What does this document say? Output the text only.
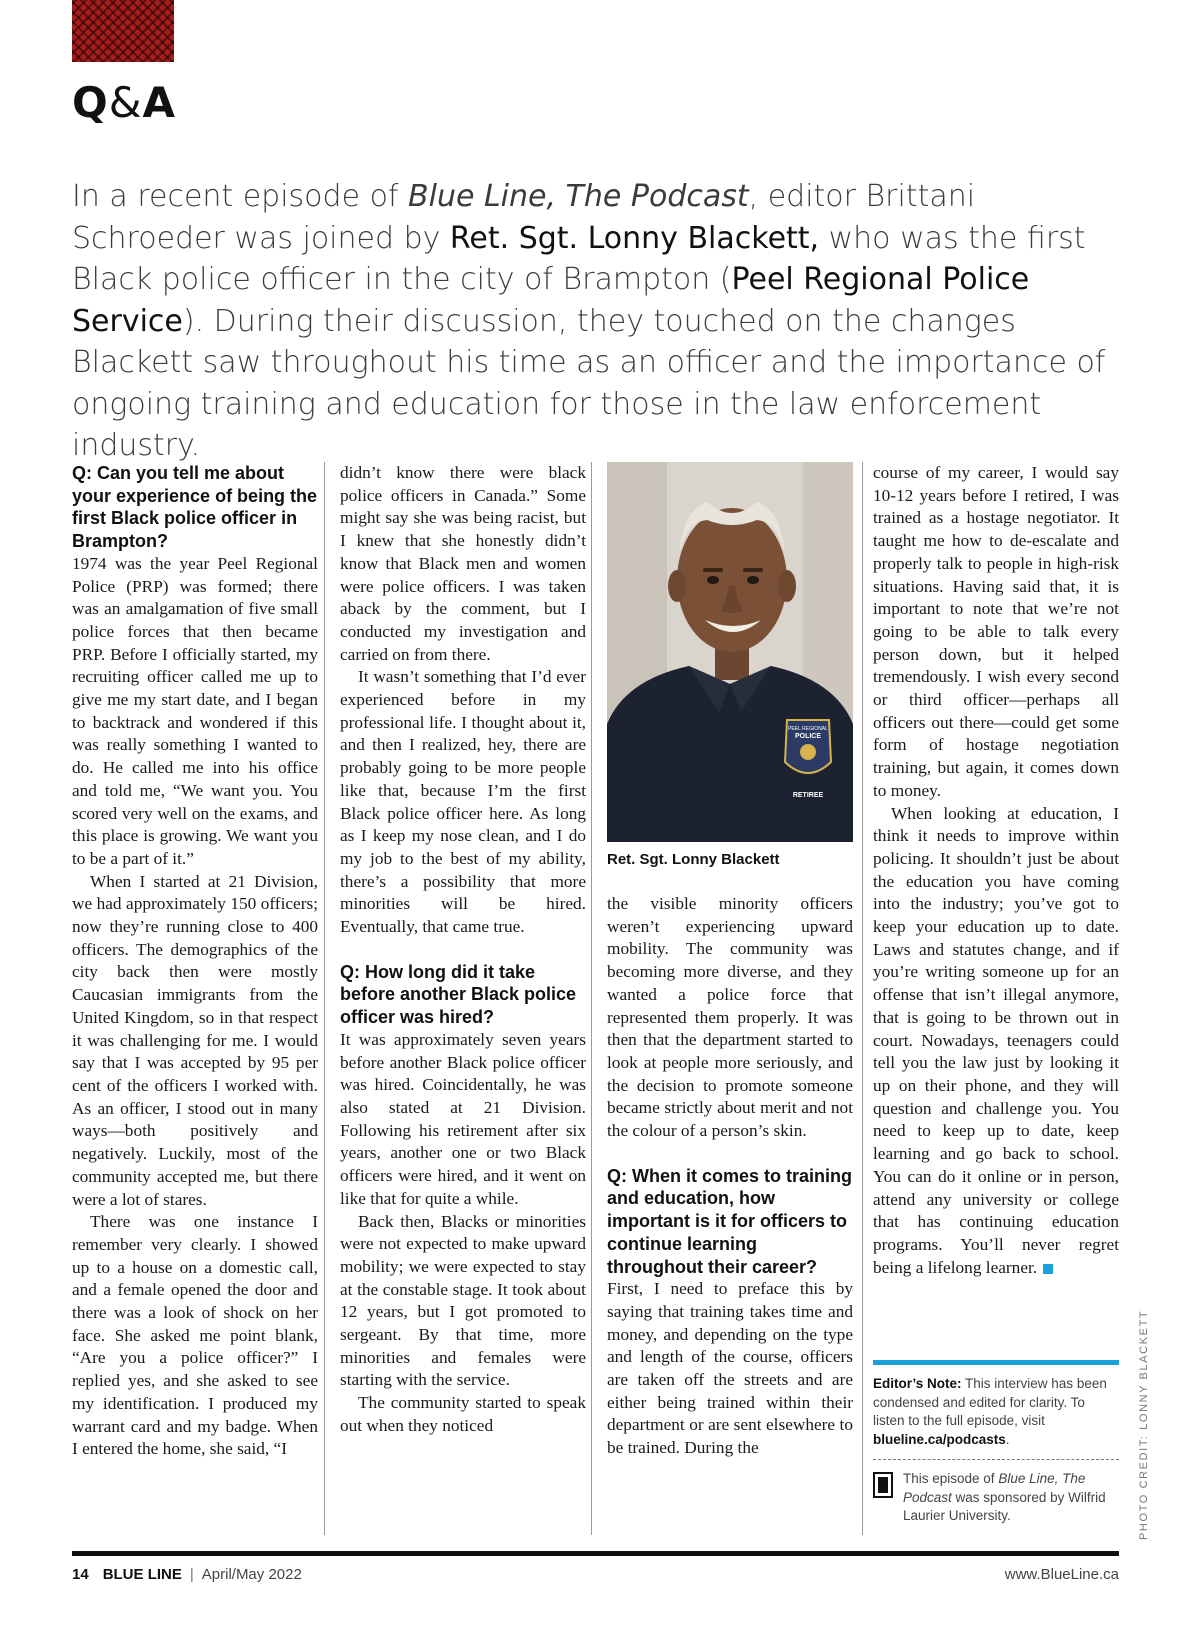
Q&A

In a recent episode of Blue Line, The Podcast, editor Brittani Schroeder was joined by Ret. Sgt. Lonny Blackett, who was the first Black police officer in the city of Brampton (Peel Regional Police Service). During their discussion, they touched on the changes Blackett saw throughout his time as an officer and the importance of ongoing training and education for those in the law enforcement industry.

Q: Can you tell me about your experience of being the first Black police officer in Brampton?

1974 was the year Peel Regional Police (PRP) was formed; there was an amalgamation of five small police forces that then became PRP. Before I officially started, my recruiting officer called me up to give me my start date, and I began to backtrack and wondered if this was really something I wanted to do. He called me into his office and told me, “We want you. You scored very well on the exams, and this place is growing. We want you to be a part of it.”

When I started at 21 Division, we had approximately 150 officers; now they’re running close to 400 officers. The demographics of the city back then were mostly Caucasian immigrants from the United Kingdom, so in that respect it was challenging for me. I would say that I was accepted by 95 per cent of the officers I worked with. As an officer, I stood out in many ways—both positively and negatively. Luckily, most of the community accepted me, but there were a lot of stares.

There was one instance I remember very clearly. I showed up to a house on a domestic call, and a female opened the door and there was a look of shock on her face. She asked me point blank, “Are you a police officer?” I replied yes, and she asked to see my identification. I produced my warrant card and my badge. When I entered the home, she said, “I

didn’t know there were black police officers in Canada.” Some might say she was being racist, but I knew that she honestly didn’t know that Black men and women were police officers. I was taken aback by the comment, but I conducted my investigation and carried on from there.

It wasn’t something that I’d ever experienced before in my professional life. I thought about it, and then I realized, hey, there are probably going to be more people like that, because I’m the first Black police officer here. As long as I keep my nose clean, and I do my job to the best of my ability, there’s a possibility that more minorities will be hired. Eventually, that came true.

Q: How long did it take before another Black police officer was hired?

It was approximately seven years before another Black police officer was hired. Coincidentally, he was also stated at 21 Division. Following his retirement after six years, another one or two Black officers were hired, and it went on like that for quite a while.

Back then, Blacks or minorities were not expected to make upward mobility; we were expected to stay at the constable stage. It took about 12 years, but I got promoted to sergeant. By that time, more minorities and females were starting with the service.

The community started to speak out when they noticed

PEEL REGIONAL
POLICE
RETIREE

Ret. Sgt. Lonny Blackett

the visible minority officers weren’t experiencing upward mobility. The community was becoming more diverse, and they wanted a police force that represented them properly. It was then that the department started to look at people more seriously, and the decision to promote someone became strictly about merit and not the colour of a person’s skin.

Q: When it comes to training and education, how important is it for officers to continue learning throughout their career?

First, I need to preface this by saying that training takes time and money, and depending on the type and length of the course, officers are taken off the streets and are either being trained within their department or are sent elsewhere to be trained. During the

course of my career, I would say 10-12 years before I retired, I was trained as a hostage negotiator. It taught me how to de-escalate and properly talk to people in high-risk situations. Having said that, it is important to note that we’re not going to be able to talk every person down, but it helped tremendously. I wish every second or third officer—perhaps all officers out there—could get some form of hostage negotiation training, but again, it comes down to money.

When looking at education, I think it needs to improve within policing. It shouldn’t just be about the education you have coming into the industry; you’ve got to keep your education up to date. Laws and statutes change, and if you’re writing someone up for an offense that isn’t illegal anymore, that is going to be thrown out in court. Nowadays, teenagers could tell you the law just by looking it up on their phone, and they will question and challenge you. You need to keep up to date, keep learning and go back to school. You can do it online or in person, attend any university or college that has continuing education programs. You’ll never regret being a lifelong learner.

Editor’s Note: This interview has been condensed and edited for clarity. To listen to the full episode, visit blueline.ca/podcasts.

This episode of Blue Line, The Podcast was sponsored by Wilfrid Laurier University.	PHOTO CREDIT: LONNY BLACKETT
14 BLUE LINE | April/May 2022	www.BlueLine.ca
